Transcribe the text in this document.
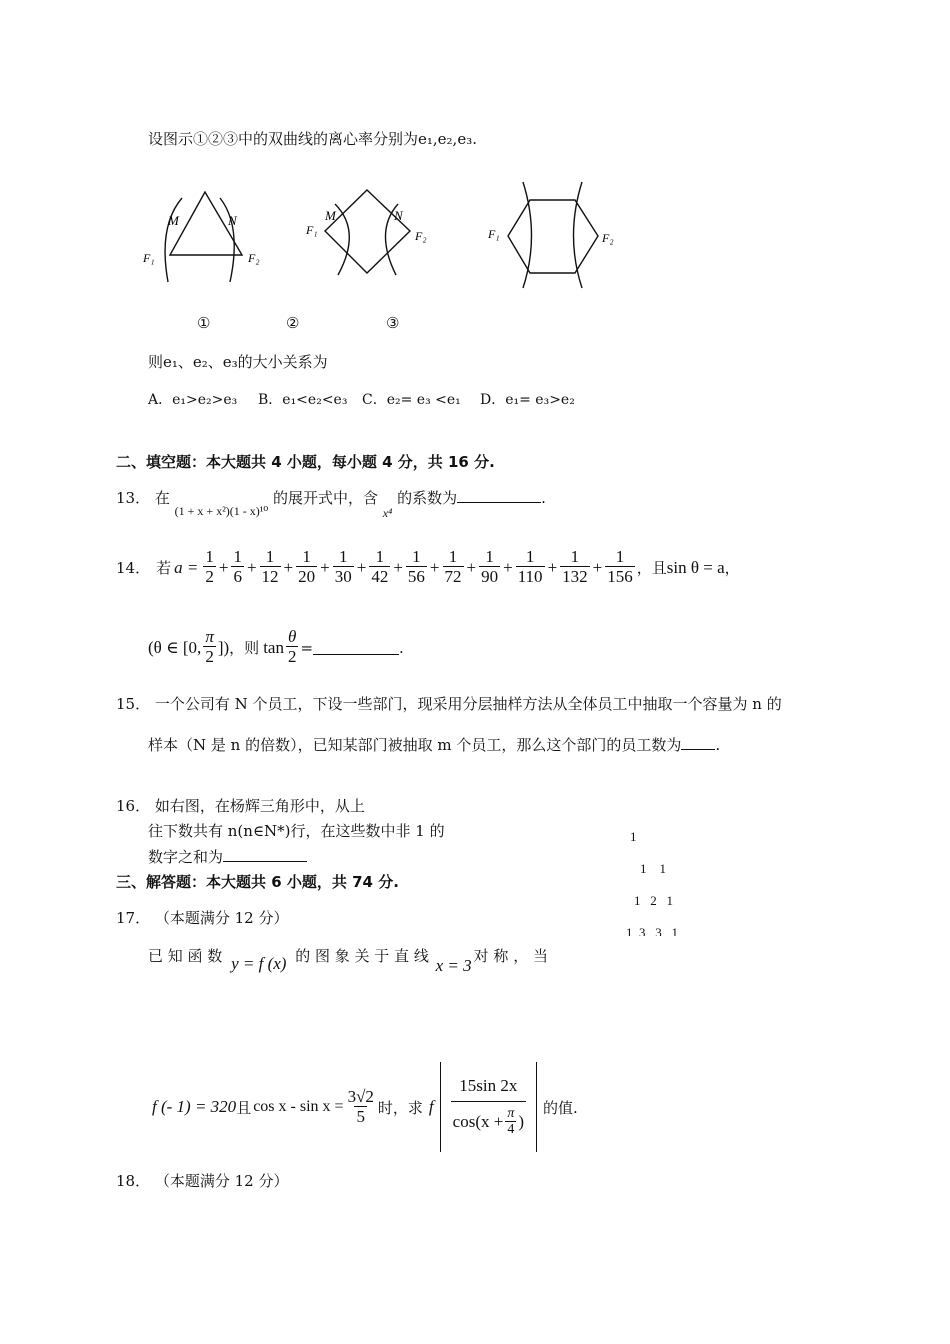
设图示①②③中的双曲线的离心率分别为e₁,e₂,e₃.
M	N
F₁	F₂
M	N
F₁	F₂	F₁	F₂
①	②	③
则e₁、e₂、e₃的大小关系为
A．e₁>e₂>e₃ B．e₁<e₂<e₃ C．e₂= e₃ <e₁ D．e₁= e₃>e₂
二、填空题：本大题共 4 小题，每小题 4 分，共 16 分.
13． 在 $_{(1 + x + x^2)(1 - x)^{10}}$ 的展开式中，含 $_{x^4}$ 的系数为	.
14． 若 $a = \frac{1}{2} + \frac{1}{6} + \frac{1}{12} + \frac{1}{20} + \frac{1}{30} + \frac{1}{42} + \frac{1}{56} + \frac{1}{72} + \frac{1}{90} + \frac{1}{110} + \frac{1}{132} + \frac{1}{156}$ ，且 sin θ = a ，
(θ ∈ [0, $\frac{\pi}{2}$ ]) ，则 $\tan \frac{\theta}{2}$ =	.
15． 一个公司有 N 个员工，下设一些部门，现采用分层抽样方法从全体员工中抽取一个容量为 n 的
样本（N 是 n 的倍数），已知某部门被抽取 m 个员工，那么这个部门的员工数为 .
16． 如右图，在杨辉三角形中，从上
往下数共有 n(n∈N*)行，在这些数中非 1 的
数字之和为
1
1    1
1   2   1
1  3   3   1
三、解答题：本大题共 6 小题，共 74 分.
17． （本题满分 12 分）
已 知 函 数 y = f (x) 的 图 象 关 于 直 线 x = 3 对 称 ， 当
f (- 1) = 320 且 $\cos x - \sin x = \frac{3√2}{5}$ 时，求 f $\frac{15\sin 2x}{\cos(x + \frac{\pi}{4} )}$ 的值.
18． （本题满分 12 分）
